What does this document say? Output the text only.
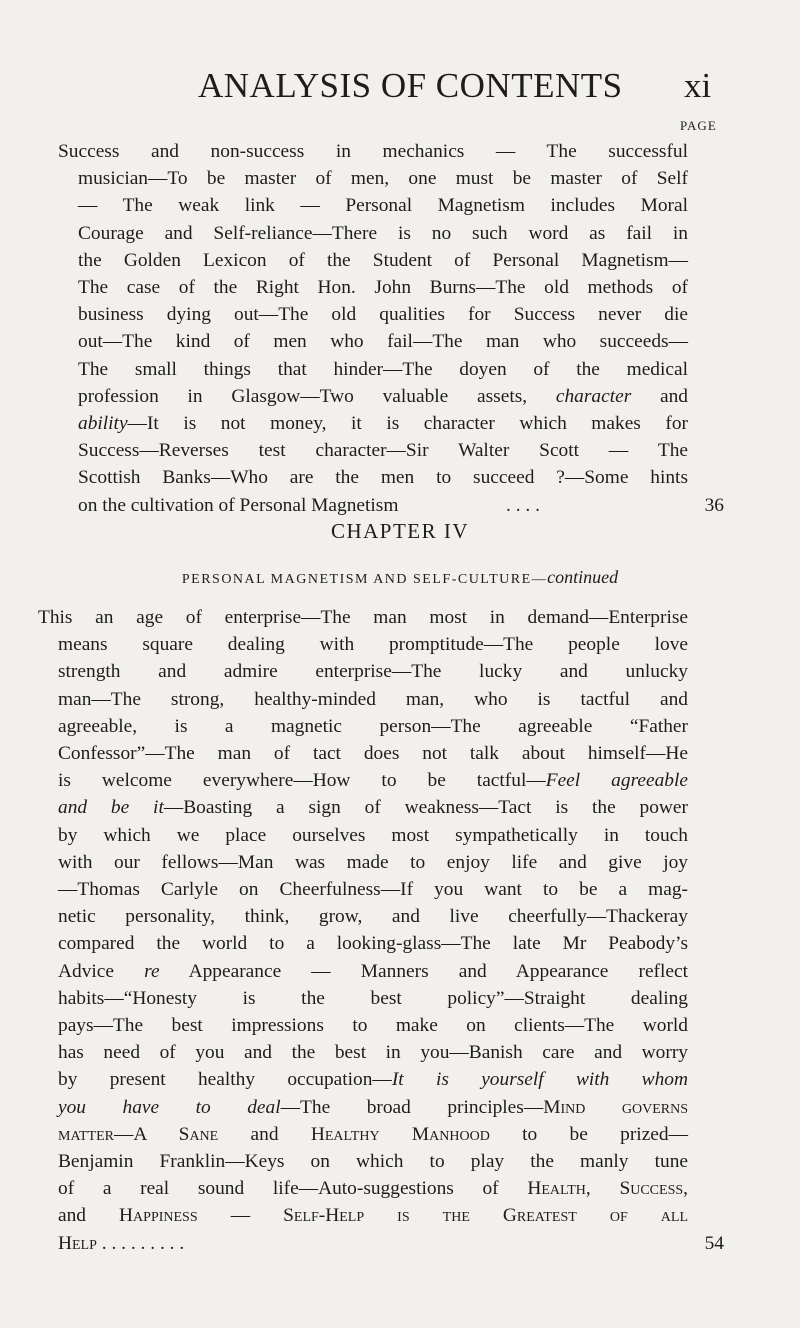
ANALYSIS OF CONTENTS xi
PAGE
Success and non-success in mechanics — The successful
musician—To be master of men, one must be master of Self
— The weak link — Personal Magnetism includes Moral
Courage and Self-reliance—There is no such word as fail in
the Golden Lexicon of the Student of Personal Magnetism—
The case of the Right Hon. John Burns—The old methods of
business dying out—The old qualities for Success never die
out—The kind of men who fail—The man who succeeds—
The small things that hinder—The doyen of the medical
profession in Glasgow—Two valuable assets, character and
ability—It is not money, it is character which makes for
Success—Reverses test character—Sir Walter Scott — The
Scottish Banks—Who are the men to succeed ?—Some hints
on the cultivation of Personal Magnetism	. . . .	36
CHAPTER IV
PERSONAL MAGNETISM AND SELF-CULTURE—continued
This an age of enterprise—The man most in demand—Enterprise
means square dealing with promptitude—The people love
strength and admire enterprise—The lucky and unlucky
man—The strong, healthy-minded man, who is tactful and
agreeable, is a magnetic person—The agreeable “Father
Confessor”—The man of tact does not talk about himself—He
is welcome everywhere—How to be tactful—Feel agreeable
and be it—Boasting a sign of weakness—Tact is the power
by which we place ourselves most sympathetically in touch
with our fellows—Man was made to enjoy life and give joy
—Thomas Carlyle on Cheerfulness—If you want to be a mag-
netic personality, think, grow, and live cheerfully—Thackeray
compared the world to a looking-glass—The late Mr Peabody’s
Advice re Appearance — Manners and Appearance reflect
habits—“Honesty is the best policy”—Straight dealing
pays—The best impressions to make on clients—The world
has need of you and the best in you—Banish care and worry
by present healthy occupation—It is yourself with whom
you have to deal—The broad principles—Mind governs
matter—A Sane and Healthy Manhood to be prized—
Benjamin Franklin—Keys on which to play the manly tune
of a real sound life—Auto-suggestions of Health, Success,
and Happiness — Self-Help is the Greatest of all
Help . . . . . . . . .	54
